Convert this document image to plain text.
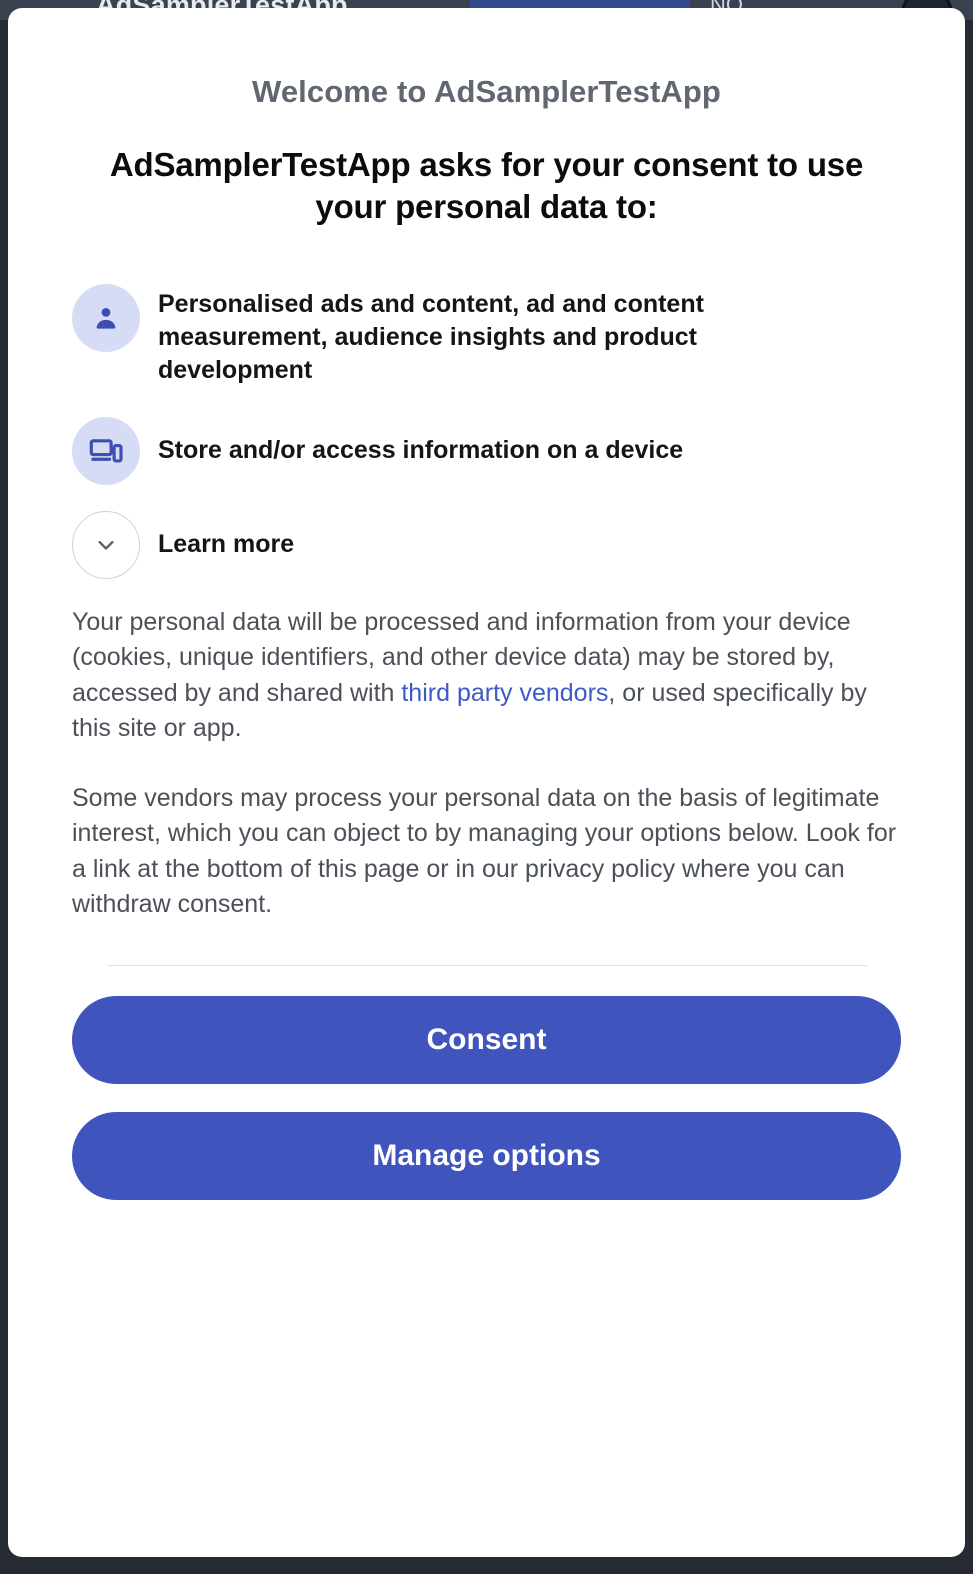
Welcome to AdSamplerTestApp
AdSamplerTestApp asks for your consent to use your personal data to:
Personalised ads and content, ad and content measurement, audience insights and product development
Store and/or access information on a device
Learn more

Your personal data will be processed and information from your device (cookies, unique identifiers, and other device data) may be stored by, accessed by and shared with third party vendors, or used specifically by this site or app.

Some vendors may process your personal data on the basis of legitimate interest, which you can object to by managing your options below. Look for a link at the bottom of this page or in our privacy policy where you can withdraw consent.

Consent
Manage options
